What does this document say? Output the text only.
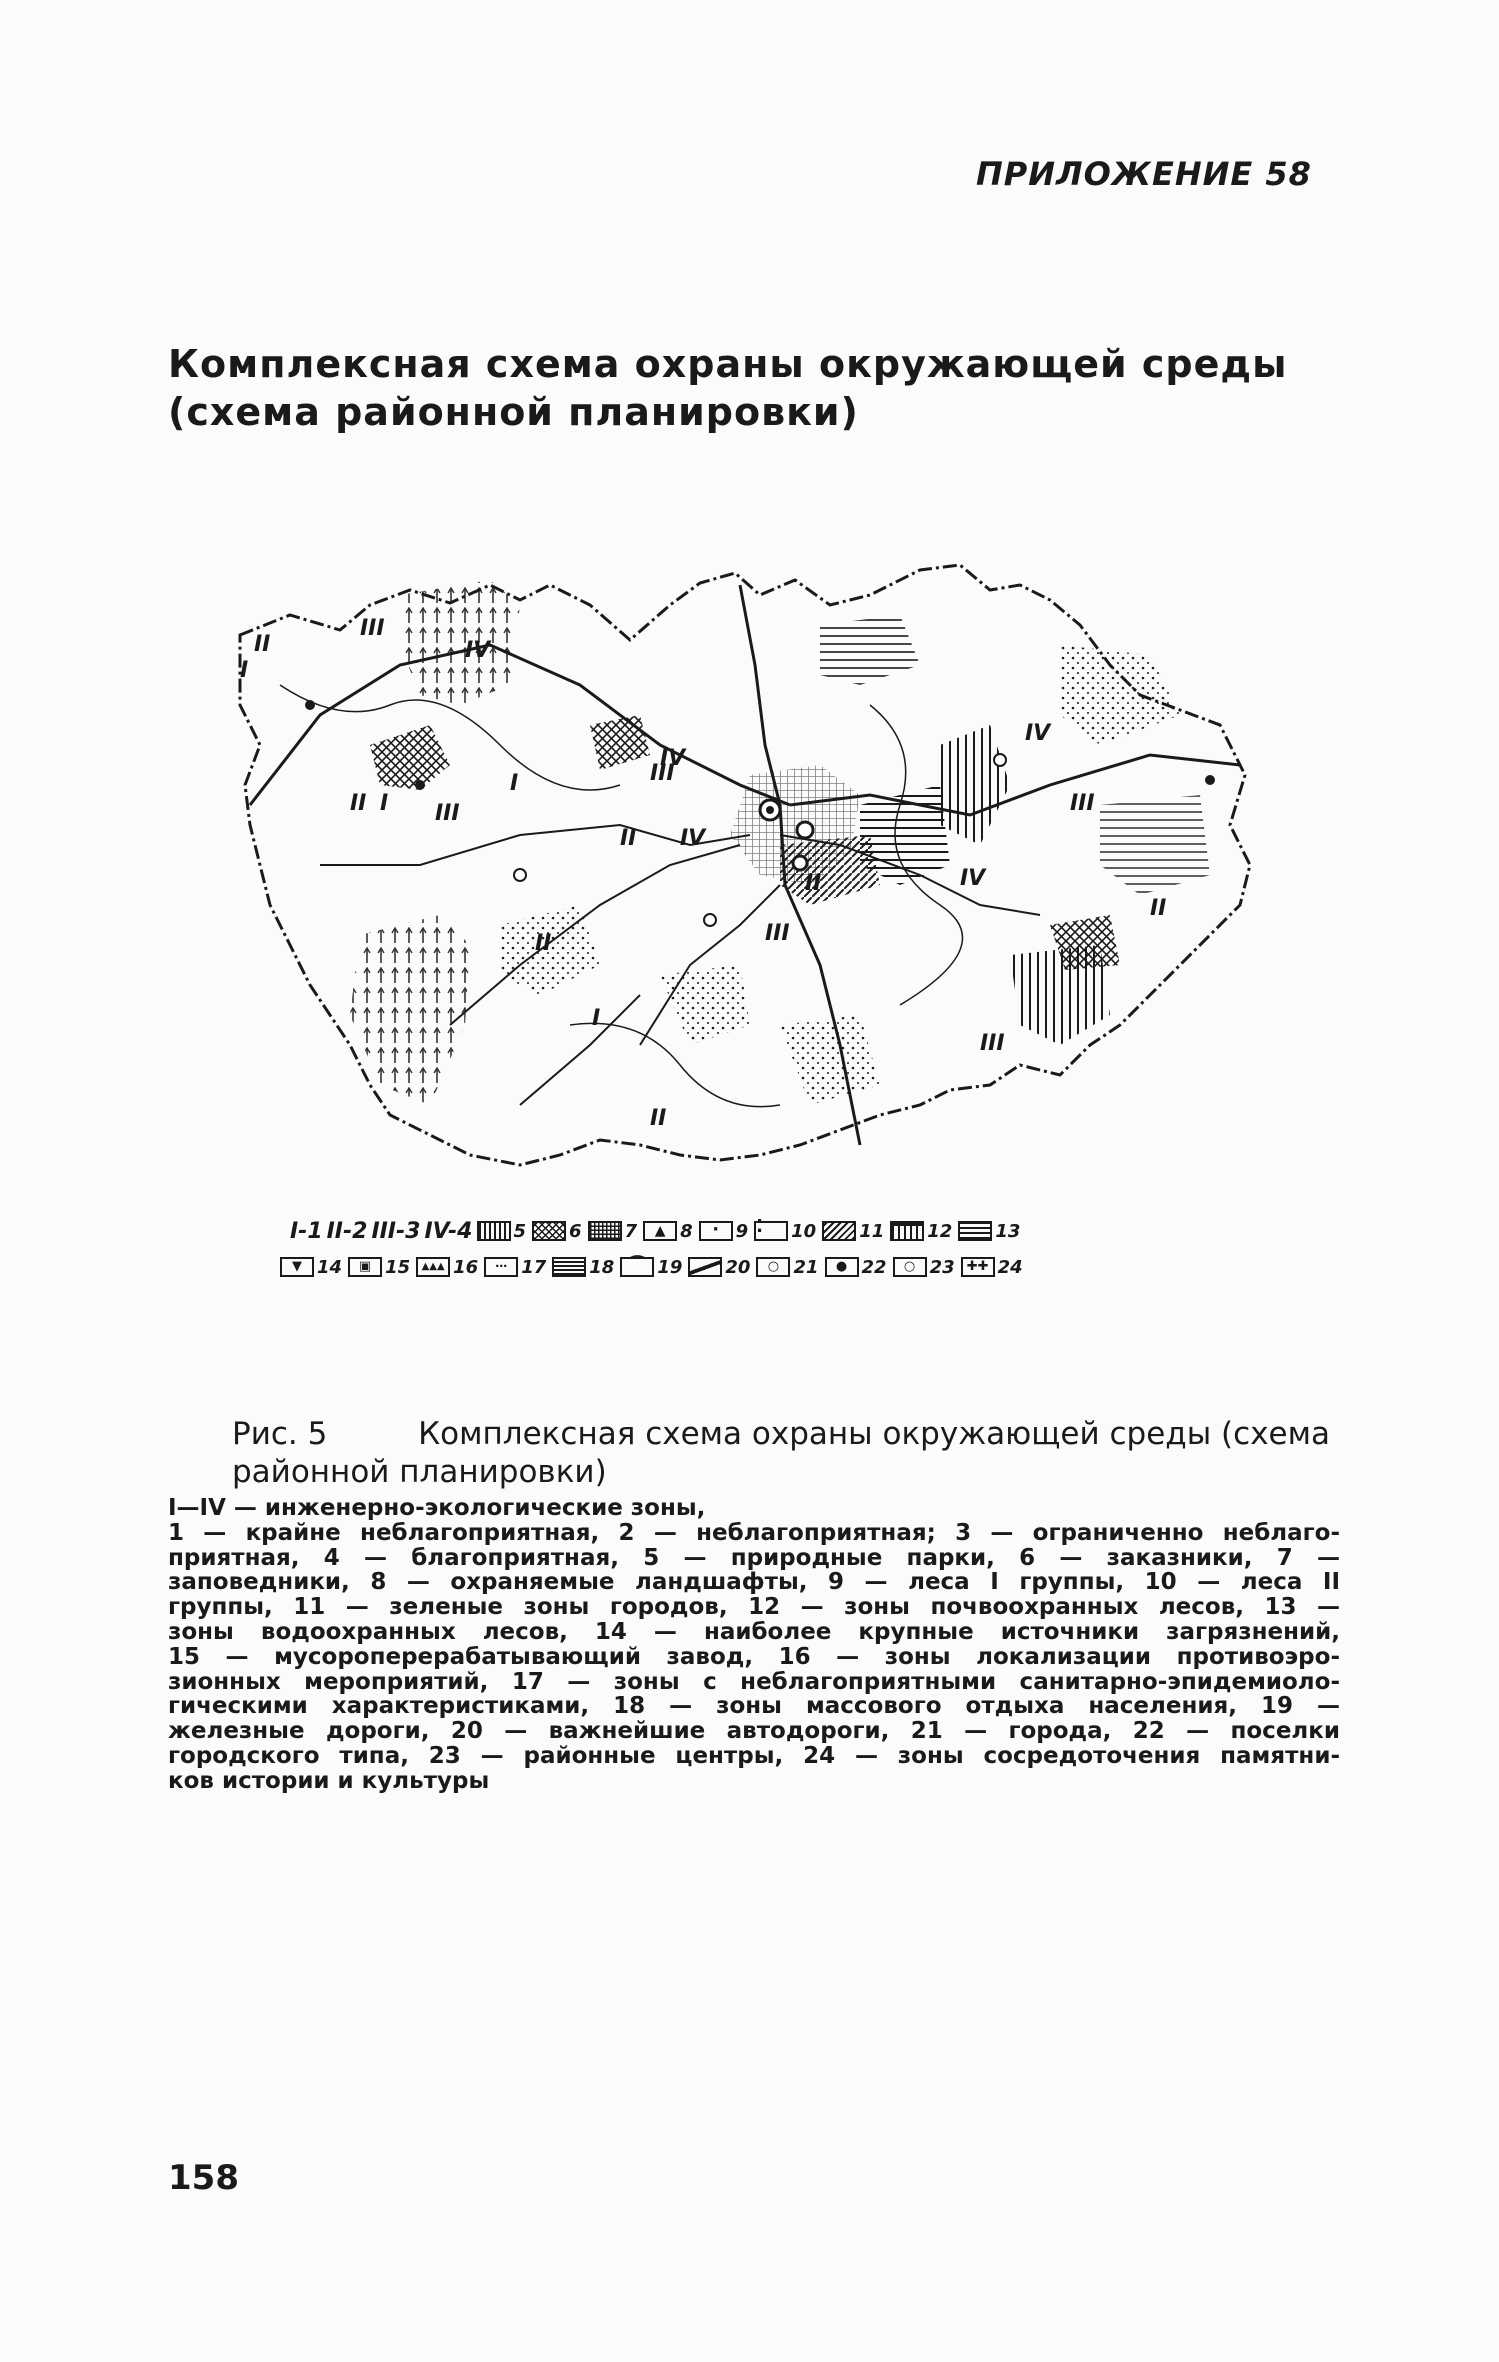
ПРИЛОЖЕНИЕ 58
Комплексная схема охраны окружающей среды
(схема районной планировки)
I
II
III
IV
I
II	III
IV
I
II
III
IV
III
II	IV
III
IV
II
I
II
III
II
I-1 II-2 III-3 IV-4 5 6 7	▲ 8	· 9 ⁚	10 11 12 13
▼ 14	▣ 15	▲▲▲ 16	⋯ 17 18 ⌒ 19 20	○ 21	● 22	○ 23 ✚✚ 24
Рис. 5	Комплексная схема охраны окружающей среды (схема
районной планировки)
I—IV — инженерно-экологические зоны,
1 — крайне неблагоприятная, 2 — неблагоприятная; 3 — ограниченно неблаго-
приятная, 4 — благоприятная, 5 — природные парки, 6 — заказники, 7 —
заповедники, 8 — охраняемые ландшафты, 9 — леса I группы, 10 — леса II
группы, 11 — зеленые зоны городов, 12 — зоны почвоохранных лесов, 13 —
зоны водоохранных лесов, 14 — наиболее крупные источники загрязнений,
15 — мусороперерабатывающий завод, 16 — зоны локализации противоэро-
зионных мероприятий, 17 — зоны с неблагоприятными санитарно-эпидемиоло-
гическими характеристиками, 18 — зоны массового отдыха населения, 19 —
железные дороги, 20 — важнейшие автодороги, 21 — города, 22 — поселки
городского типа, 23 — районные центры, 24 — зоны сосредоточения памятни-
ков истории и культуры
158
